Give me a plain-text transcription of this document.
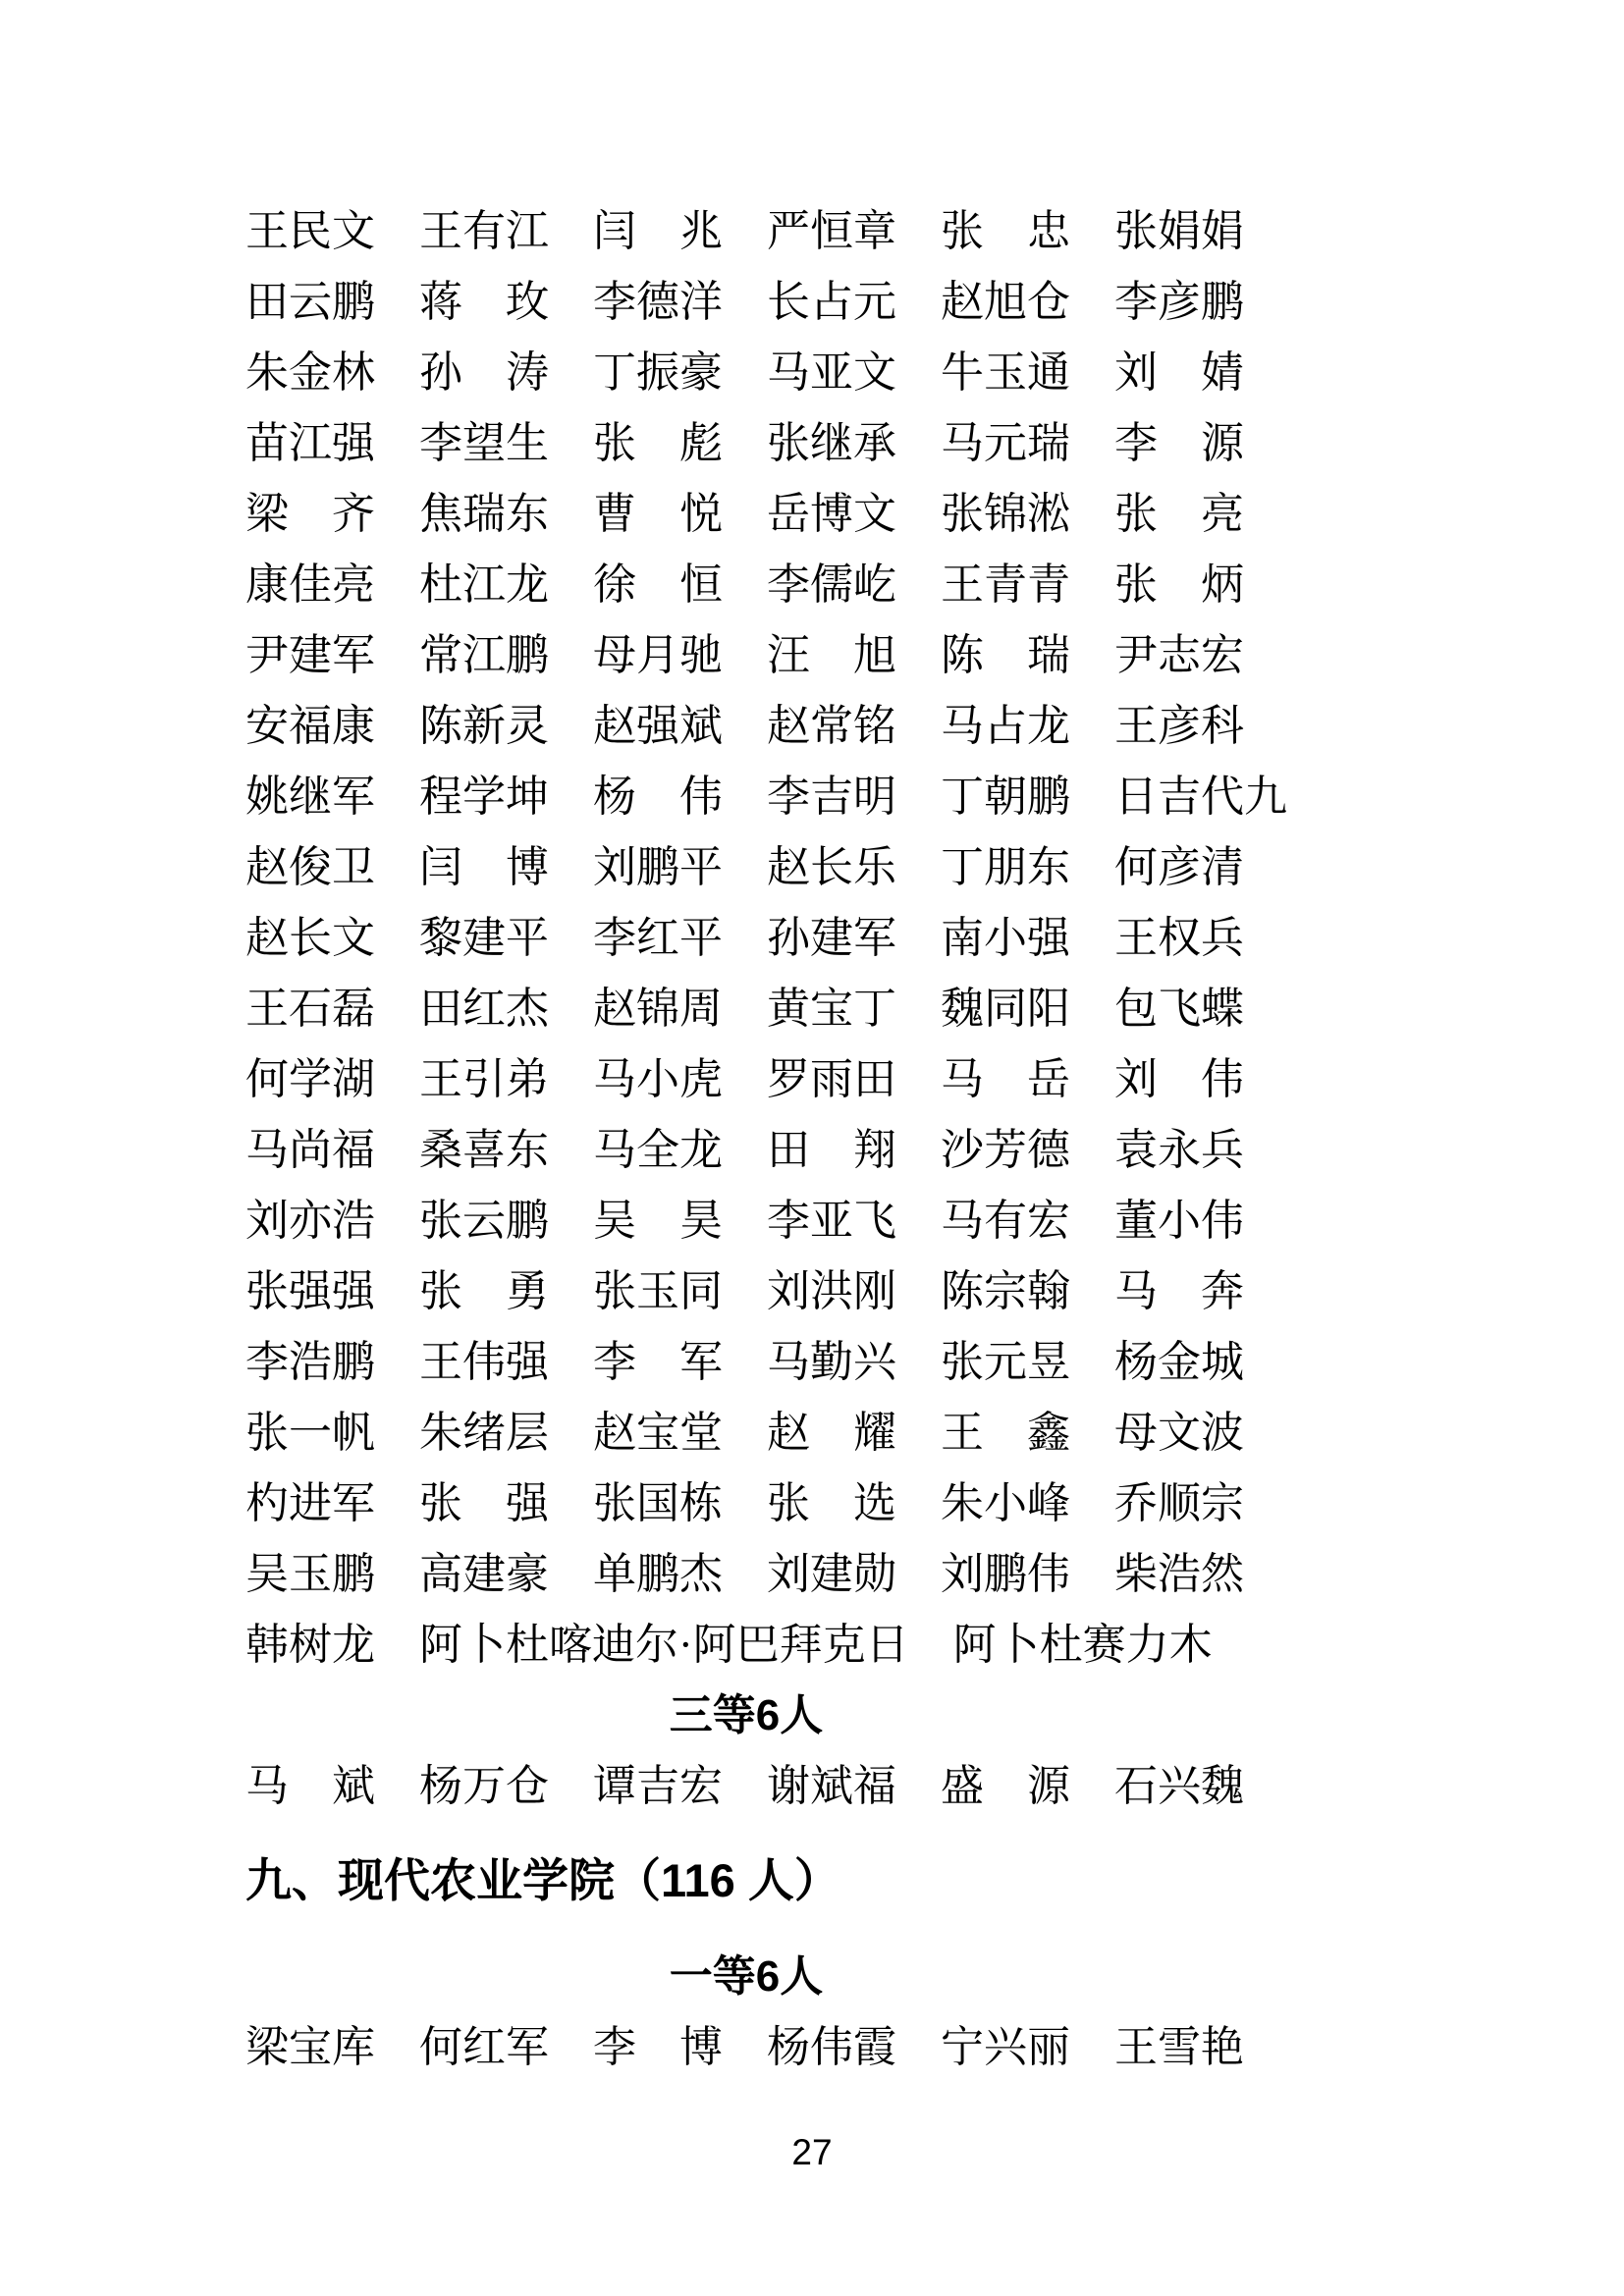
王民文 王有江 闫　兆 严恒章 张　忠 张娟娟
田云鹏 蒋　玫 李德洋 长占元 赵旭仓 李彦鹏
朱金林 孙　涛 丁振豪 马亚文 牛玉通 刘　婧
苗江强 李望生 张　彪 张继承 马元瑞 李　源
梁　齐 焦瑞东 曹　悦 岳博文 张锦淞 张　亮
康佳亮 杜江龙 徐　恒 李儒屹 王青青 张　炳
尹建军 常江鹏 母月驰 汪　旭 陈　瑞 尹志宏
安福康 陈新灵 赵强斌 赵常铭 马占龙 王彦科
姚继军 程学坤 杨　伟 李吉明 丁朝鹏 日吉代九
赵俊卫 闫　博 刘鹏平 赵长乐 丁朋东 何彦清
赵长文 黎建平 李红平 孙建军 南小强 王权兵
王石磊 田红杰 赵锦周 黄宝丁 魏同阳 包飞蝶
何学湖 王引弟 马小虎 罗雨田 马　岳 刘　伟
马尚福 桑喜东 马全龙 田　翔 沙芳德 袁永兵
刘亦浩 张云鹏 吴　昊 李亚飞 马有宏 董小伟
张强强 张　勇 张玉同 刘洪刚 陈宗翰 马　奔
李浩鹏 王伟强 李　军 马勤兴 张元昱 杨金城
张一帆 朱绪层 赵宝堂 赵　耀 王　鑫 母文波
杓进军 张　强 张国栋 张　选 朱小峰 乔顺宗
吴玉鹏 高建豪 单鹏杰 刘建勋 刘鹏伟 柴浩然
韩树龙 阿卜杜喀迪尔·阿巴拜克日 阿卜杜赛力木
三等6人
马　斌 杨万仓 谭吉宏 谢斌福 盛　源 石兴魏
九、现代农业学院（116 人）
一等6人
梁宝库 何红军 李　博 杨伟霞 宁兴丽 王雪艳
27
